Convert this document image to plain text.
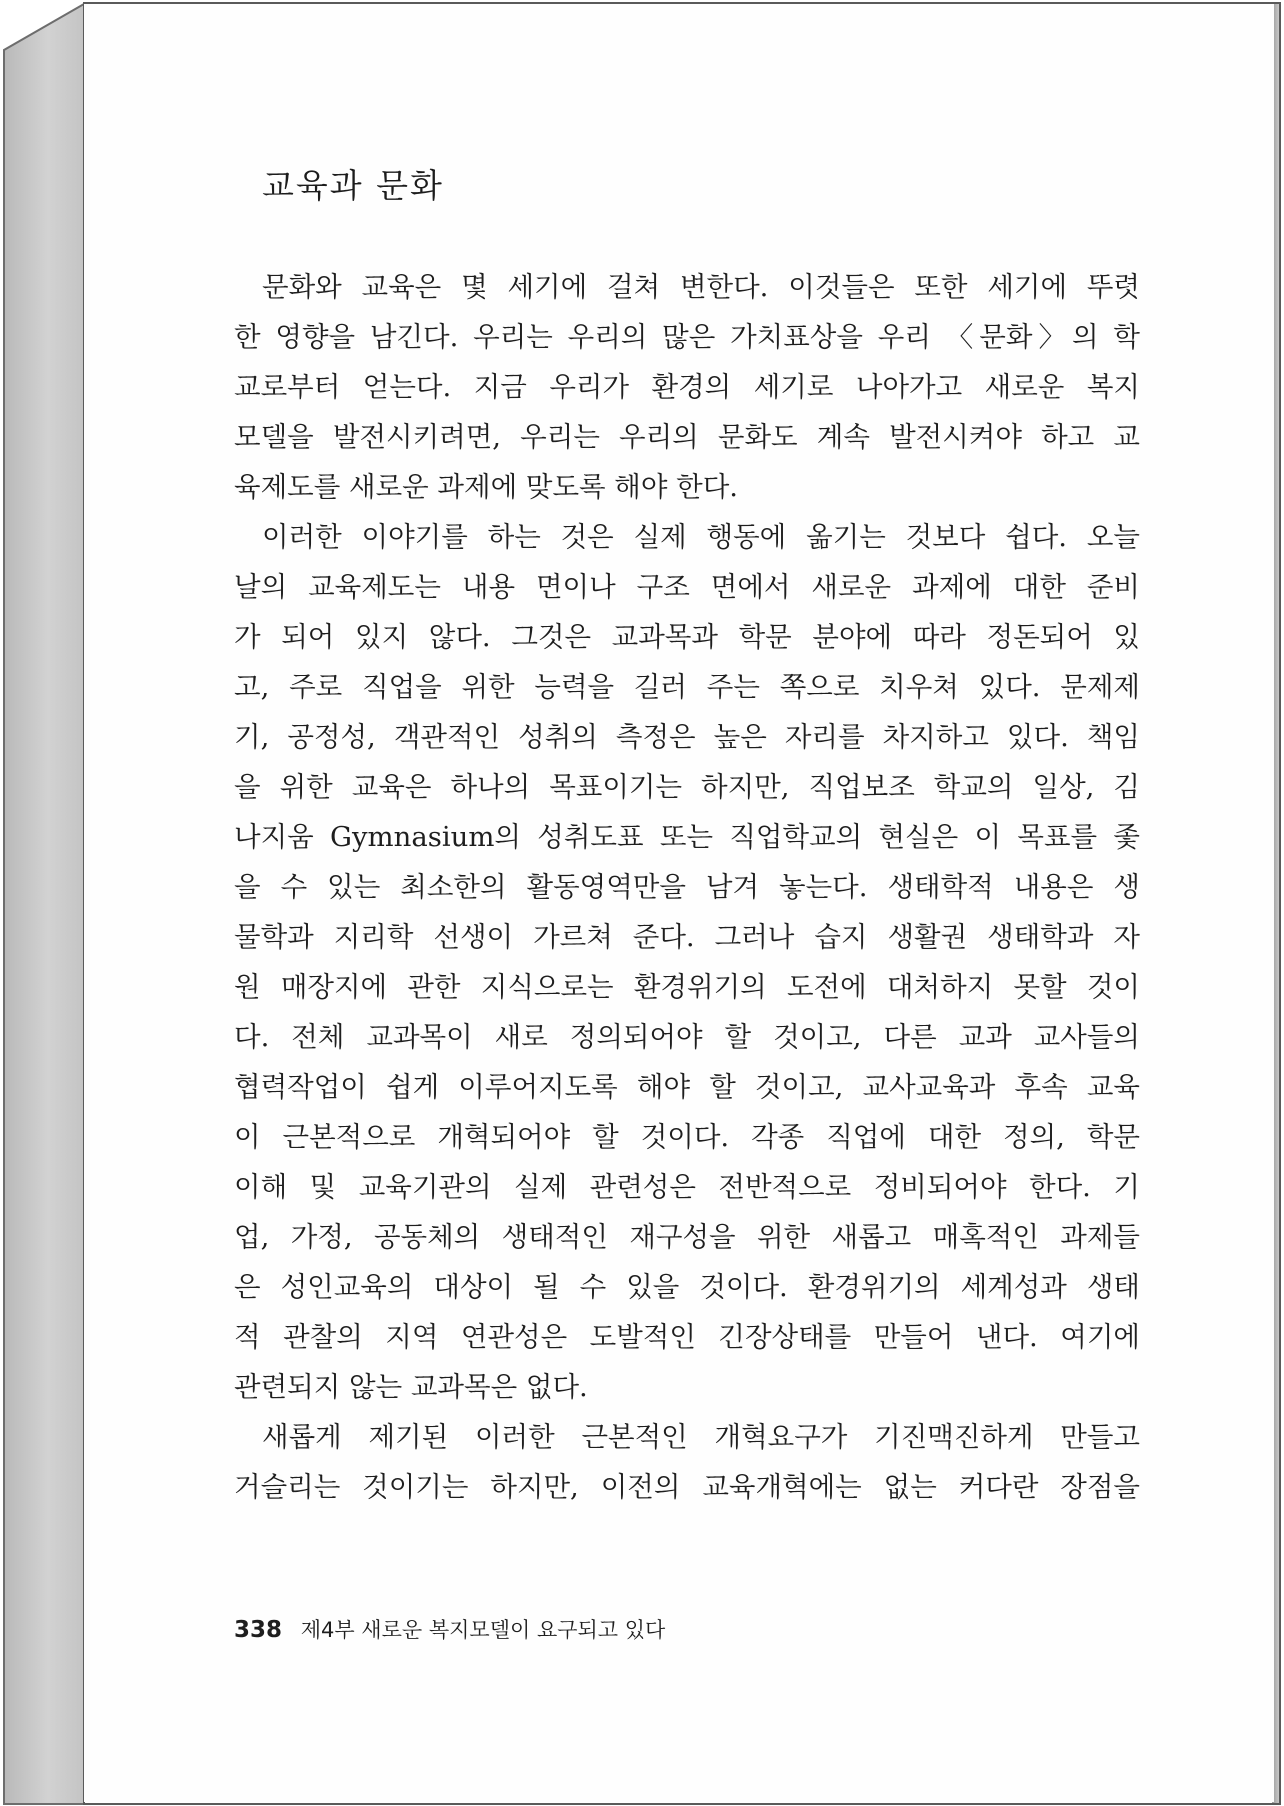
교육과 문화

문화와 교육은 몇 세기에 걸쳐 변한다. 이것들은 또한 세기에 뚜렷
한 영향을 남긴다. 우리는 우리의 많은 가치표상을 우리 〈문화〉의 학
교로부터 얻는다. 지금 우리가 환경의 세기로 나아가고 새로운 복지
모델을 발전시키려면, 우리는 우리의 문화도 계속 발전시켜야 하고 교
육제도를 새로운 과제에 맞도록 해야 한다.

이러한 이야기를 하는 것은 실제 행동에 옮기는 것보다 쉽다. 오늘
날의 교육제도는 내용 면이나 구조 면에서 새로운 과제에 대한 준비
가 되어 있지 않다. 그것은 교과목과 학문 분야에 따라 정돈되어 있
고, 주로 직업을 위한 능력을 길러 주는 쪽으로 치우쳐 있다. 문제제
기, 공정성, 객관적인 성취의 측정은 높은 자리를 차지하고 있다. 책임
을 위한 교육은 하나의 목표이기는 하지만, 직업보조 학교의 일상, 김
나지움 Gymnasium의 성취도표 또는 직업학교의 현실은 이 목표를 좇
을 수 있는 최소한의 활동영역만을 남겨 놓는다. 생태학적 내용은 생
물학과 지리학 선생이 가르쳐 준다. 그러나 습지 생활권 생태학과 자
원 매장지에 관한 지식으로는 환경위기의 도전에 대처하지 못할 것이
다. 전체 교과목이 새로 정의되어야 할 것이고, 다른 교과 교사들의
협력작업이 쉽게 이루어지도록 해야 할 것이고, 교사교육과 후속 교육
이 근본적으로 개혁되어야 할 것이다. 각종 직업에 대한 정의, 학문
이해 및 교육기관의 실제 관련성은 전반적으로 정비되어야 한다. 기
업, 가정, 공동체의 생태적인 재구성을 위한 새롭고 매혹적인 과제들
은 성인교육의 대상이 될 수 있을 것이다. 환경위기의 세계성과 생태
적 관찰의 지역 연관성은 도발적인 긴장상태를 만들어 낸다. 여기에
관련되지 않는 교과목은 없다.

새롭게 제기된 이러한 근본적인 개혁요구가 기진맥진하게 만들고
거슬리는 것이기는 하지만, 이전의 교육개혁에는 없는 커다란 장점을

338 제4부 새로운 복지모델이 요구되고 있다
